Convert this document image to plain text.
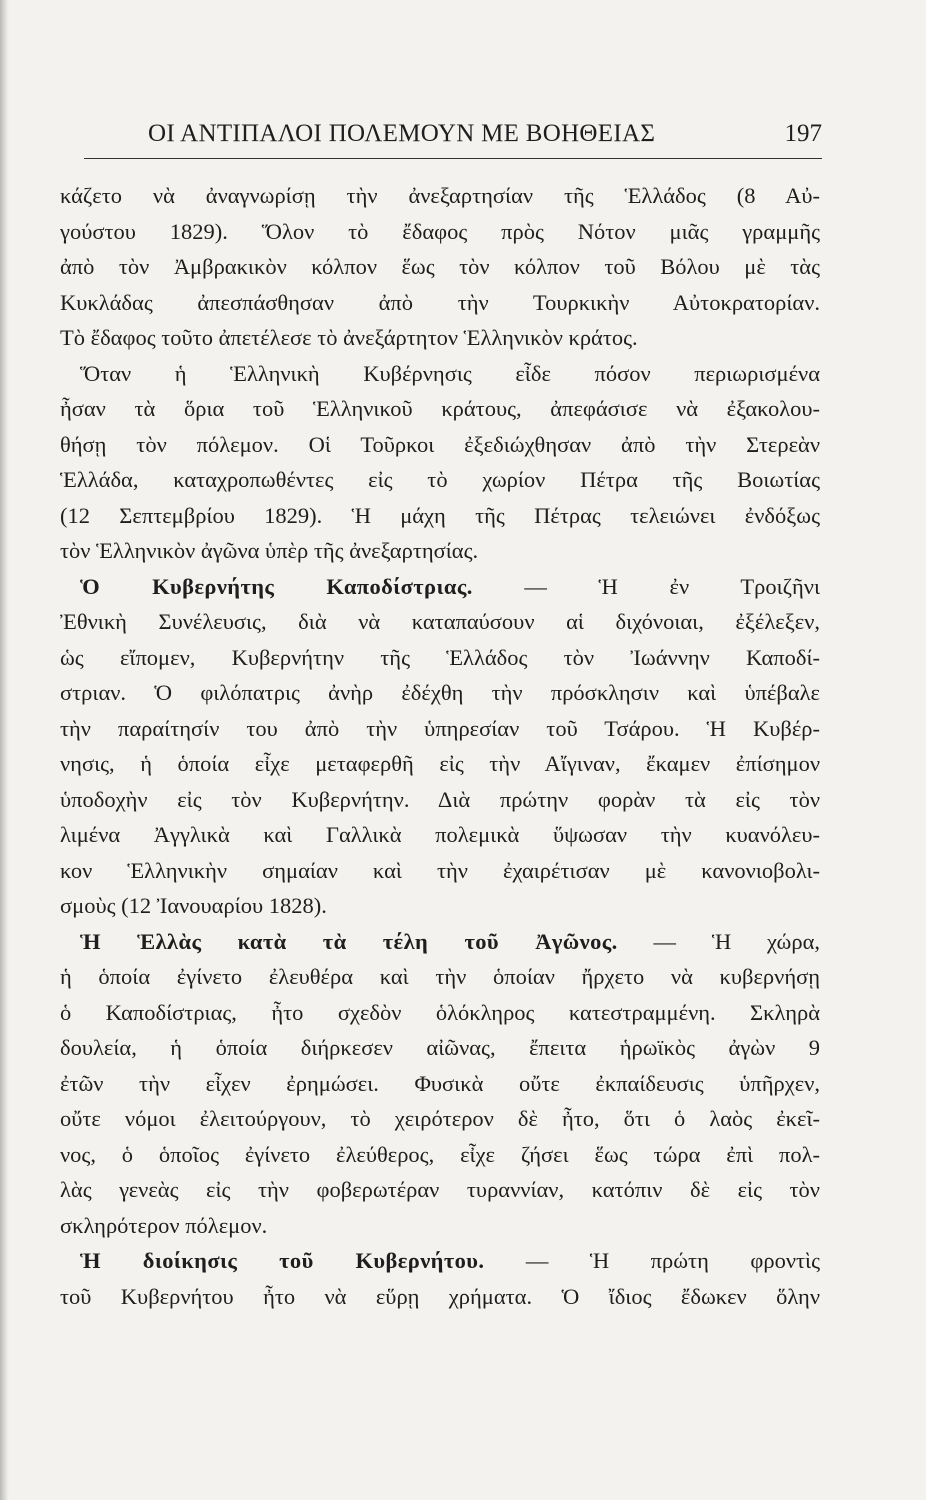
ΟΙ ΑΝΤΙΠΑΛΟΙ ΠΟΛΕΜΟΥΝ ΜΕ ΒΟΗΘΕΙΑΣ	197
κάζετο νὰ ἀναγνωρίσῃ τὴν ἀνεξαρτησίαν τῆς Ἑλλάδος (8 Αὐ-
γούστου 1829). Ὅλον τὸ ἔδαφος πρὸς Νότον μιᾶς γραμμῆς
ἀπὸ τὸν Ἀμβρακικὸν κόλπον ἕως τὸν κόλπον τοῦ Βόλου μὲ τὰς
Κυκλάδας ἀπεσπάσθησαν ἀπὸ τὴν Τουρκικὴν Αὐτοκρατορίαν.
Τὸ ἔδαφος τοῦτο ἀπετέλεσε τὸ ἀνεξάρτητον Ἑλληνικὸν κράτος.
Ὅταν ἡ Ἑλληνικὴ Κυβέρνησις εἶδε πόσον περιωρισμένα
ἦσαν τὰ ὅρια τοῦ Ἑλληνικοῦ κράτους, ἀπεφάσισε νὰ ἐξακολου-
θήσῃ τὸν πόλεμον. Οἱ Τοῦρκοι ἐξεδιώχθησαν ἀπὸ τὴν Στερεὰν
Ἑλλάδα, καταχροπωθέντες εἰς τὸ χωρίον Πέτρα τῆς Βοιωτίας
(12 Σεπτεμβρίου 1829). Ἡ μάχη τῆς Πέτρας τελειώνει ἐνδόξως
τὸν Ἑλληνικὸν ἀγῶνα ὑπὲρ τῆς ἀνεξαρτησίας.
Ὁ Κυβερνήτης Καποδίστριας. — Ἡ ἐν Τροιζῆνι
Ἐθνικὴ Συνέλευσις, διὰ νὰ καταπαύσουν αἱ διχόνοιαι, ἐξέλεξεν,
ὡς εἴπομεν, Κυβερνήτην τῆς Ἑλλάδος τὸν Ἰωάννην Καποδί-
στριαν. Ὁ φιλόπατρις ἀνὴρ ἐδέχθη τὴν πρόσκλησιν καὶ ὑπέβαλε
τὴν παραίτησίν του ἀπὸ τὴν ὑπηρεσίαν τοῦ Τσάρου. Ἡ Κυβέρ-
νησις, ἡ ὁποία εἶχε μεταφερθῆ εἰς τὴν Αἴγιναν, ἔκαμεν ἐπίσημον
ὑποδοχὴν εἰς τὸν Κυβερνήτην. Διὰ πρώτην φορὰν τὰ εἰς τὸν
λιμένα Ἀγγλικὰ καὶ Γαλλικὰ πολεμικὰ ὕψωσαν τὴν κυανόλευ-
κον Ἑλληνικὴν σημαίαν καὶ τὴν ἐχαιρέτισαν μὲ κανονιοβολι-
σμοὺς (12 Ἰανουαρίου 1828).
Ἡ Ἑλλὰς κατὰ τὰ τέλη τοῦ Ἀγῶνος. — Ἡ χώρα,
ἡ ὁποία ἐγίνετο ἐλευθέρα καὶ τὴν ὁποίαν ἤρχετο νὰ κυβερνήσῃ
ὁ Καποδίστριας, ἦτο σχεδὸν ὁλόκληρος κατεστραμμένη. Σκληρὰ
δουλεία, ἡ ὁποία διήρκεσεν αἰῶνας, ἔπειτα ἡρωϊκὸς ἀγὼν 9
ἐτῶν τὴν εἶχεν ἐρημώσει. Φυσικὰ οὔτε ἐκπαίδευσις ὑπῆρχεν,
οὔτε νόμοι ἐλειτούργουν, τὸ χειρότερον δὲ ἦτο, ὅτι ὁ λαὸς ἐκεῖ-
νος, ὁ ὁποῖος ἐγίνετο ἐλεύθερος, εἶχε ζήσει ἕως τώρα ἐπὶ πολ-
λὰς γενεὰς εἰς τὴν φοβερωτέραν τυραννίαν, κατόπιν δὲ εἰς τὸν
σκληρότερον πόλεμον.
Ἡ διοίκησις τοῦ Κυβερνήτου. — Ἡ πρώτη φροντὶς
τοῦ Κυβερνήτου ἦτο νὰ εὕρῃ χρήματα. Ὁ ἴδιος ἔδωκεν ὅλην
